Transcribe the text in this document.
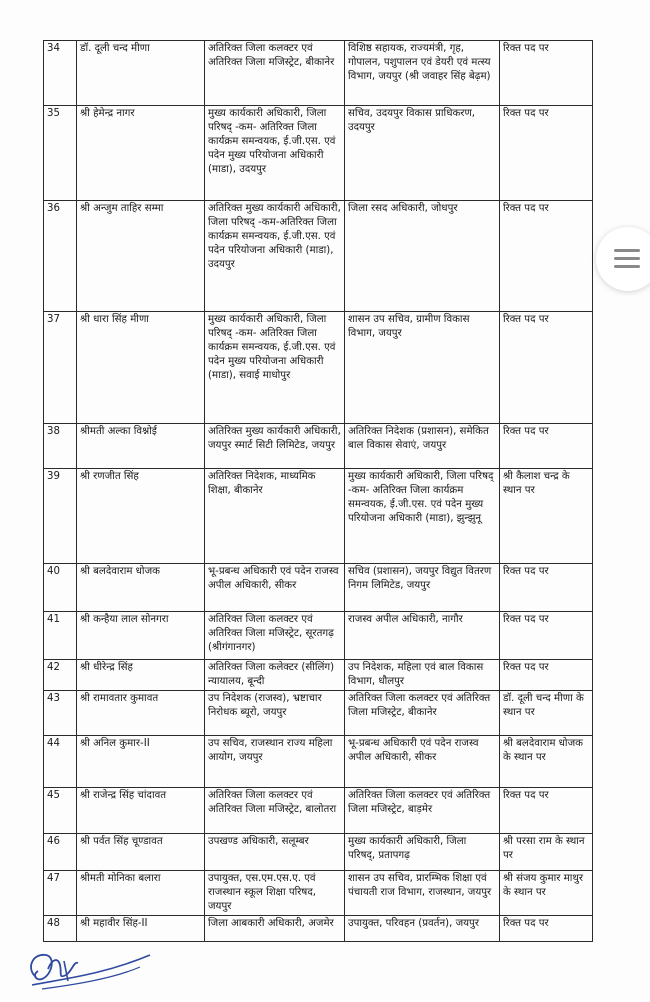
34	डॉ. दूली चन्द मीणा	अतिरिक्त जिला कलक्टर एवं अतिरिक्त जिला मजिस्ट्रेट, बीकानेर	विशिष्ठ सहायक, राज्यमंत्री, गृह, गोपालन, पशुपालन एवं डेयरी एवं मत्स्य विभाग, जयपुर (श्री जवाहर सिंह बेढ़म)	रिक्त पद पर
35	श्री हेमेन्द्र नागर	मुख्य कार्यकारी अधिकारी, जिला परिषद् -कम- अतिरिक्त जिला कार्यक्रम समन्वयक, ई.जी.एस. एवं पदेन मुख्य परियोजना अधिकारी (माडा), उदयपुर	सचिव, उदयपुर विकास प्राधिकरण, उदयपुर	रिक्त पद पर
36	श्री अन्जुम ताहिर सम्मा	अतिरिक्त मुख्य कार्यकारी अधिकारी, जिला परिषद् -कम-अतिरिक्त जिला कार्यक्रम समन्वयक, ई.जी.एस. एवं पदेन परियोजना अधिकारी (माडा), उदयपुर	जिला रसद अधिकारी, जोधपुर	रिक्त पद पर
37	श्री धारा सिंह मीणा	मुख्य कार्यकारी अधिकारी, जिला परिषद् -कम- अतिरिक्त जिला कार्यक्रम समन्वयक, ई.जी.एस. एवं पदेन मुख्य परियोजना अधिकारी (माडा), सवाई माधोपुर	शासन उप सचिव, ग्रामीण विकास विभाग, जयपुर	रिक्त पद पर
38	श्रीमती अल्का विश्नोई	अतिरिक्त मुख्य कार्यकारी अधिकारी, जयपुर स्मार्ट सिटी लिमिटेड, जयपुर	अतिरिक्त निदेशक (प्रशासन), समेकित बाल विकास सेवाएं, जयपुर	रिक्त पद पर
39	श्री रणजीत सिंह	अतिरिक्त निदेशक, माध्यमिक शिक्षा, बीकानेर	मुख्य कार्यकारी अधिकारी, जिला परिषद् -कम- अतिरिक्त जिला कार्यक्रम समन्वयक, ई.जी.एस. एवं पदेन मुख्य परियोजना अधिकारी (माडा), झुन्झुनू	श्री कैलाश चन्द्र के स्थान पर
40	श्री बलदेवाराम धोजक	भू-प्रबन्ध अधिकारी एवं पदेन राजस्व अपील अधिकारी, सीकर	सचिव (प्रशासन), जयपुर विद्युत वितरण निगम लिमिटेड, जयपुर	रिक्त पद पर
41	श्री कन्हैया लाल सोनगरा	अतिरिक्त जिला कलक्टर एवं अतिरिक्त जिला मजिस्ट्रेट, सूरतगढ़ (श्रीगंगानगर)	राजस्व अपील अधिकारी, नागौर	रिक्त पद पर
42	श्री धीरेन्द्र सिंह	अतिरिक्त जिला कलेक्टर (सीलिंग) न्यायालय, बून्दी	उप निदेशक, महिला एवं बाल विकास विभाग, धौलपुर	रिक्त पद पर
43	श्री रामावतार कुमावत	उप निदेशक (राजस्व), भ्रष्टाचार निरोधक ब्यूरो, जयपुर	अतिरिक्त जिला कलक्टर एवं अतिरिक्त जिला मजिस्ट्रेट, बीकानेर	डॉ. दूली चन्द मीणा के स्थान पर
44	श्री अनिल कुमार-II	उप सचिव, राजस्थान राज्य महिला आयोग, जयपुर	भू-प्रबन्ध अधिकारी एवं पदेन राजस्व अपील अधिकारी, सीकर	श्री बलदेवाराम धोजक के स्थान पर
45	श्री राजेन्द्र सिंह चांदावत	अतिरिक्त जिला कलक्टर एवं अतिरिक्त जिला मजिस्ट्रेट, बालोतरा	अतिरिक्त जिला कलक्टर एवं अतिरिक्त जिला मजिस्ट्रेट, बाड़मेर	रिक्त पद पर
46	श्री पर्वत सिंह चूण्डावत	उपखण्ड अधिकारी, सलूम्बर	मुख्य कार्यकारी अधिकारी, जिला परिषद्, प्रतापगढ़	श्री परसा राम के स्थान पर
47	श्रीमती मोनिका बलारा	उपायुक्त, एस.एम.एस.ए. एवं राजस्थान स्कूल शिक्षा परिषद, जयपुर	शासन उप सचिव, प्रारम्भिक शिक्षा एवं पंचायती राज विभाग, राजस्थान, जयपुर	श्री संजय कुमार माथुर के स्थान पर
48	श्री महावीर सिंह-II	जिला आबकारी अधिकारी, अजमेर	उपायुक्त, परिवहन (प्रवर्तन), जयपुर	रिक्त पद पर
